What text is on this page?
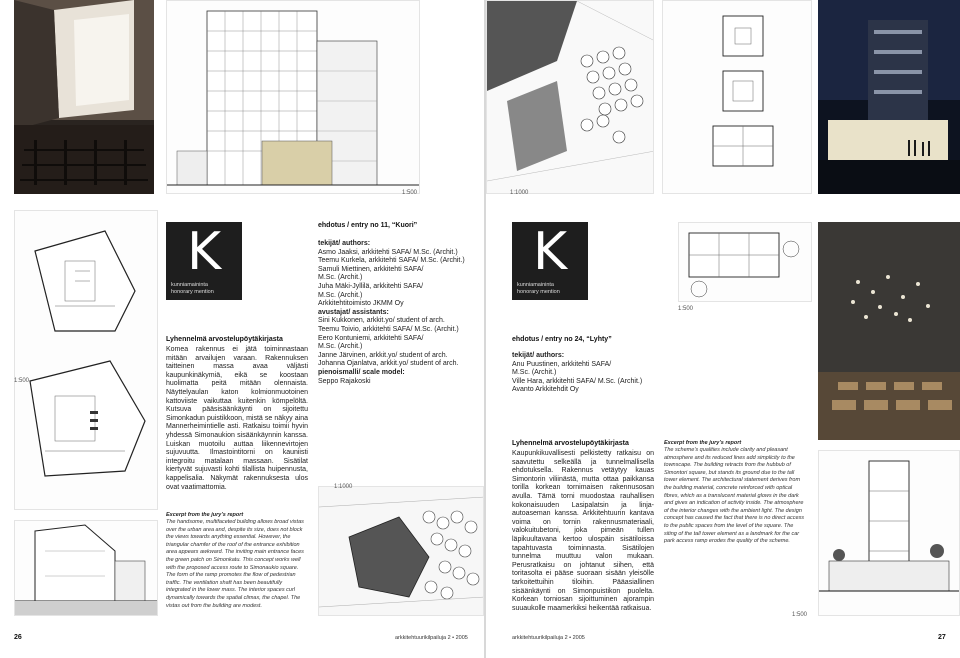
1:500
1:500
K
kunniamaininta
honorary mention
ehdotus / entry no 11, “Kuori”
tekijät/ authors:
Asmo Jaaksi, arkkitehti SAFA/ M.Sc. (Archit.)
Teemu Kurkela, arkkitehti SAFA/ M.Sc. (Archit.)
Samuli Miettinen, arkkitehti SAFA/
M.Sc. (Archit.)
Juha Mäki-Jyllilä, arkkitehti SAFA/
M.Sc. (Archit.)
Arkkitehtitoimisto JKMM Oy
avustajat/ assistants:
Sini Kukkonen, arkkit.yo/ student of arch.
Teemu Toivio, arkkitehti SAFA/ M.Sc. (Archit.)
Eero Kontuniemi, arkkitehti SAFA/
M.Sc. (Archit.)
Janne Järvinen, arkkit.yo/ student of arch.
Johanna Ojanlatva, arkkit.yo/ student of arch.
pienoismalli/ scale model:
Seppo Rajakoski
Lyhennelmä arvostelupöytäkirjasta
Komea rakennus ei jätä toiminnastaan mitään arvailujen varaan. Rakennuksen taitteinen massa avaa väljästi kaupunkinäkymiä, eikä se koostaan huolimatta peitä mitään olennaista. Näyttelyaulan katon kolmionmuotoinen kattoviiste vaikuttaa kuitenkin kömpelöltä. Kutsuva pääsisäänkäynti on sijoitettu Simonkadun puistikkoon, mistä se näkyy aina Mannerheimintielle asti. Ratkaisu toimii hyvin yhdessä Simonaukion sisäänkäynnin kanssa. Luiskan muotoilu auttaa liikennevirtojen sujuvuutta. Ilmastointitorni on kauniisti integroitu matalaan massaan. Sisätilat kiertyvät sujuvasti kohti tilallista huipennusta, kappelisalia. Näkymät rakennuksesta ulos ovat vaatimattomia.
Excerpt from the jury’s report
The handsome, multifaceted building allows broad vistas over the urban area and, despite its size, does not block the views towards anything essential. However, the triangular chamfer of the roof of the entrance exhibition area appears awkward. The inviting main entrance faces the green patch on Simonkatu. This concept works well with the proposed access route to Simonaukio square. The form of the ramp promotes the flow of pedestrian traffic. The ventilation shaft has been beautifully integrated in the lower mass. The interior spaces curl dynamically towards the spatial climax, the chapel. The vistas out from the building are modest.
1:1000
26	arkkitehtuurikilpailuja 2 • 2005
1:1000
K
kunniamaininta
honorary mention
ehdotus / entry no 24, “Lyhty”
tekijät/ authors:
Anu Puustinen, arkkitehti SAFA/
M.Sc. (Archit.)
Ville Hara, arkkitehti SAFA/ M.Sc. (Archit.)
Avanto Arkkitehdit Oy
1:500
Lyhennelmä arvostelupöytäkirjasta
Kaupunkikuvallisesti pelkistetty ratkaisu on saavutettu selkeällä ja tunnelmallisella ehdotuksella. Rakennus vetäytyy kauas Simontorin viliinästä, mutta ottaa paikkansa torilla korkean tornimaisen rakennusosan avulla. Tämä torni muodostaa rauhallisen kokonaisuuden Lasipalatsin ja linja-autoaseman kanssa. Arkkitehtuurin kantava voima on tornin rakennusmateriaali, valokuitubetoni, joka pimeän tullen läpikuultavana kertoo ulospäin sisätiloissa tapahtuvasta toiminnasta. Sisätilojen tunnelma muuttuu valon mukaan. Perusratkaisu on johtanut siihen, että toritasolta ei pääse suoraan sisään yleisölle tarkoitettuihin tiloihin. Pääasiallinen sisäänkäynti on Simonpuistikon puolelta. Korkean torniosan sijoittuminen ajorampin suuaukolle maamerkiksi heikentää ratkaisua.
Excerpt from the jury’s report
The scheme’s qualities include clarity and pleasant atmosphere and its reduced lines add simplicity to the townscape. The building retracts from the hubbub of Simontori square, but stands its ground due to the tall tower element. The architectural statement derives from the building material, concrete reinforced with optical fibres, which as a translucent material glows in the dark and gives an indication of activity inside. The atmosphere of the interior changes with the ambient light. The design concept has caused the fact that there is no direct access to the public spaces from the level of the square. The siting of the tall tower element as a landmark for the car park access ramp erodes the quality of the scheme.
1:500
arkkitehtuurikilpailuja 2 • 2005	27
